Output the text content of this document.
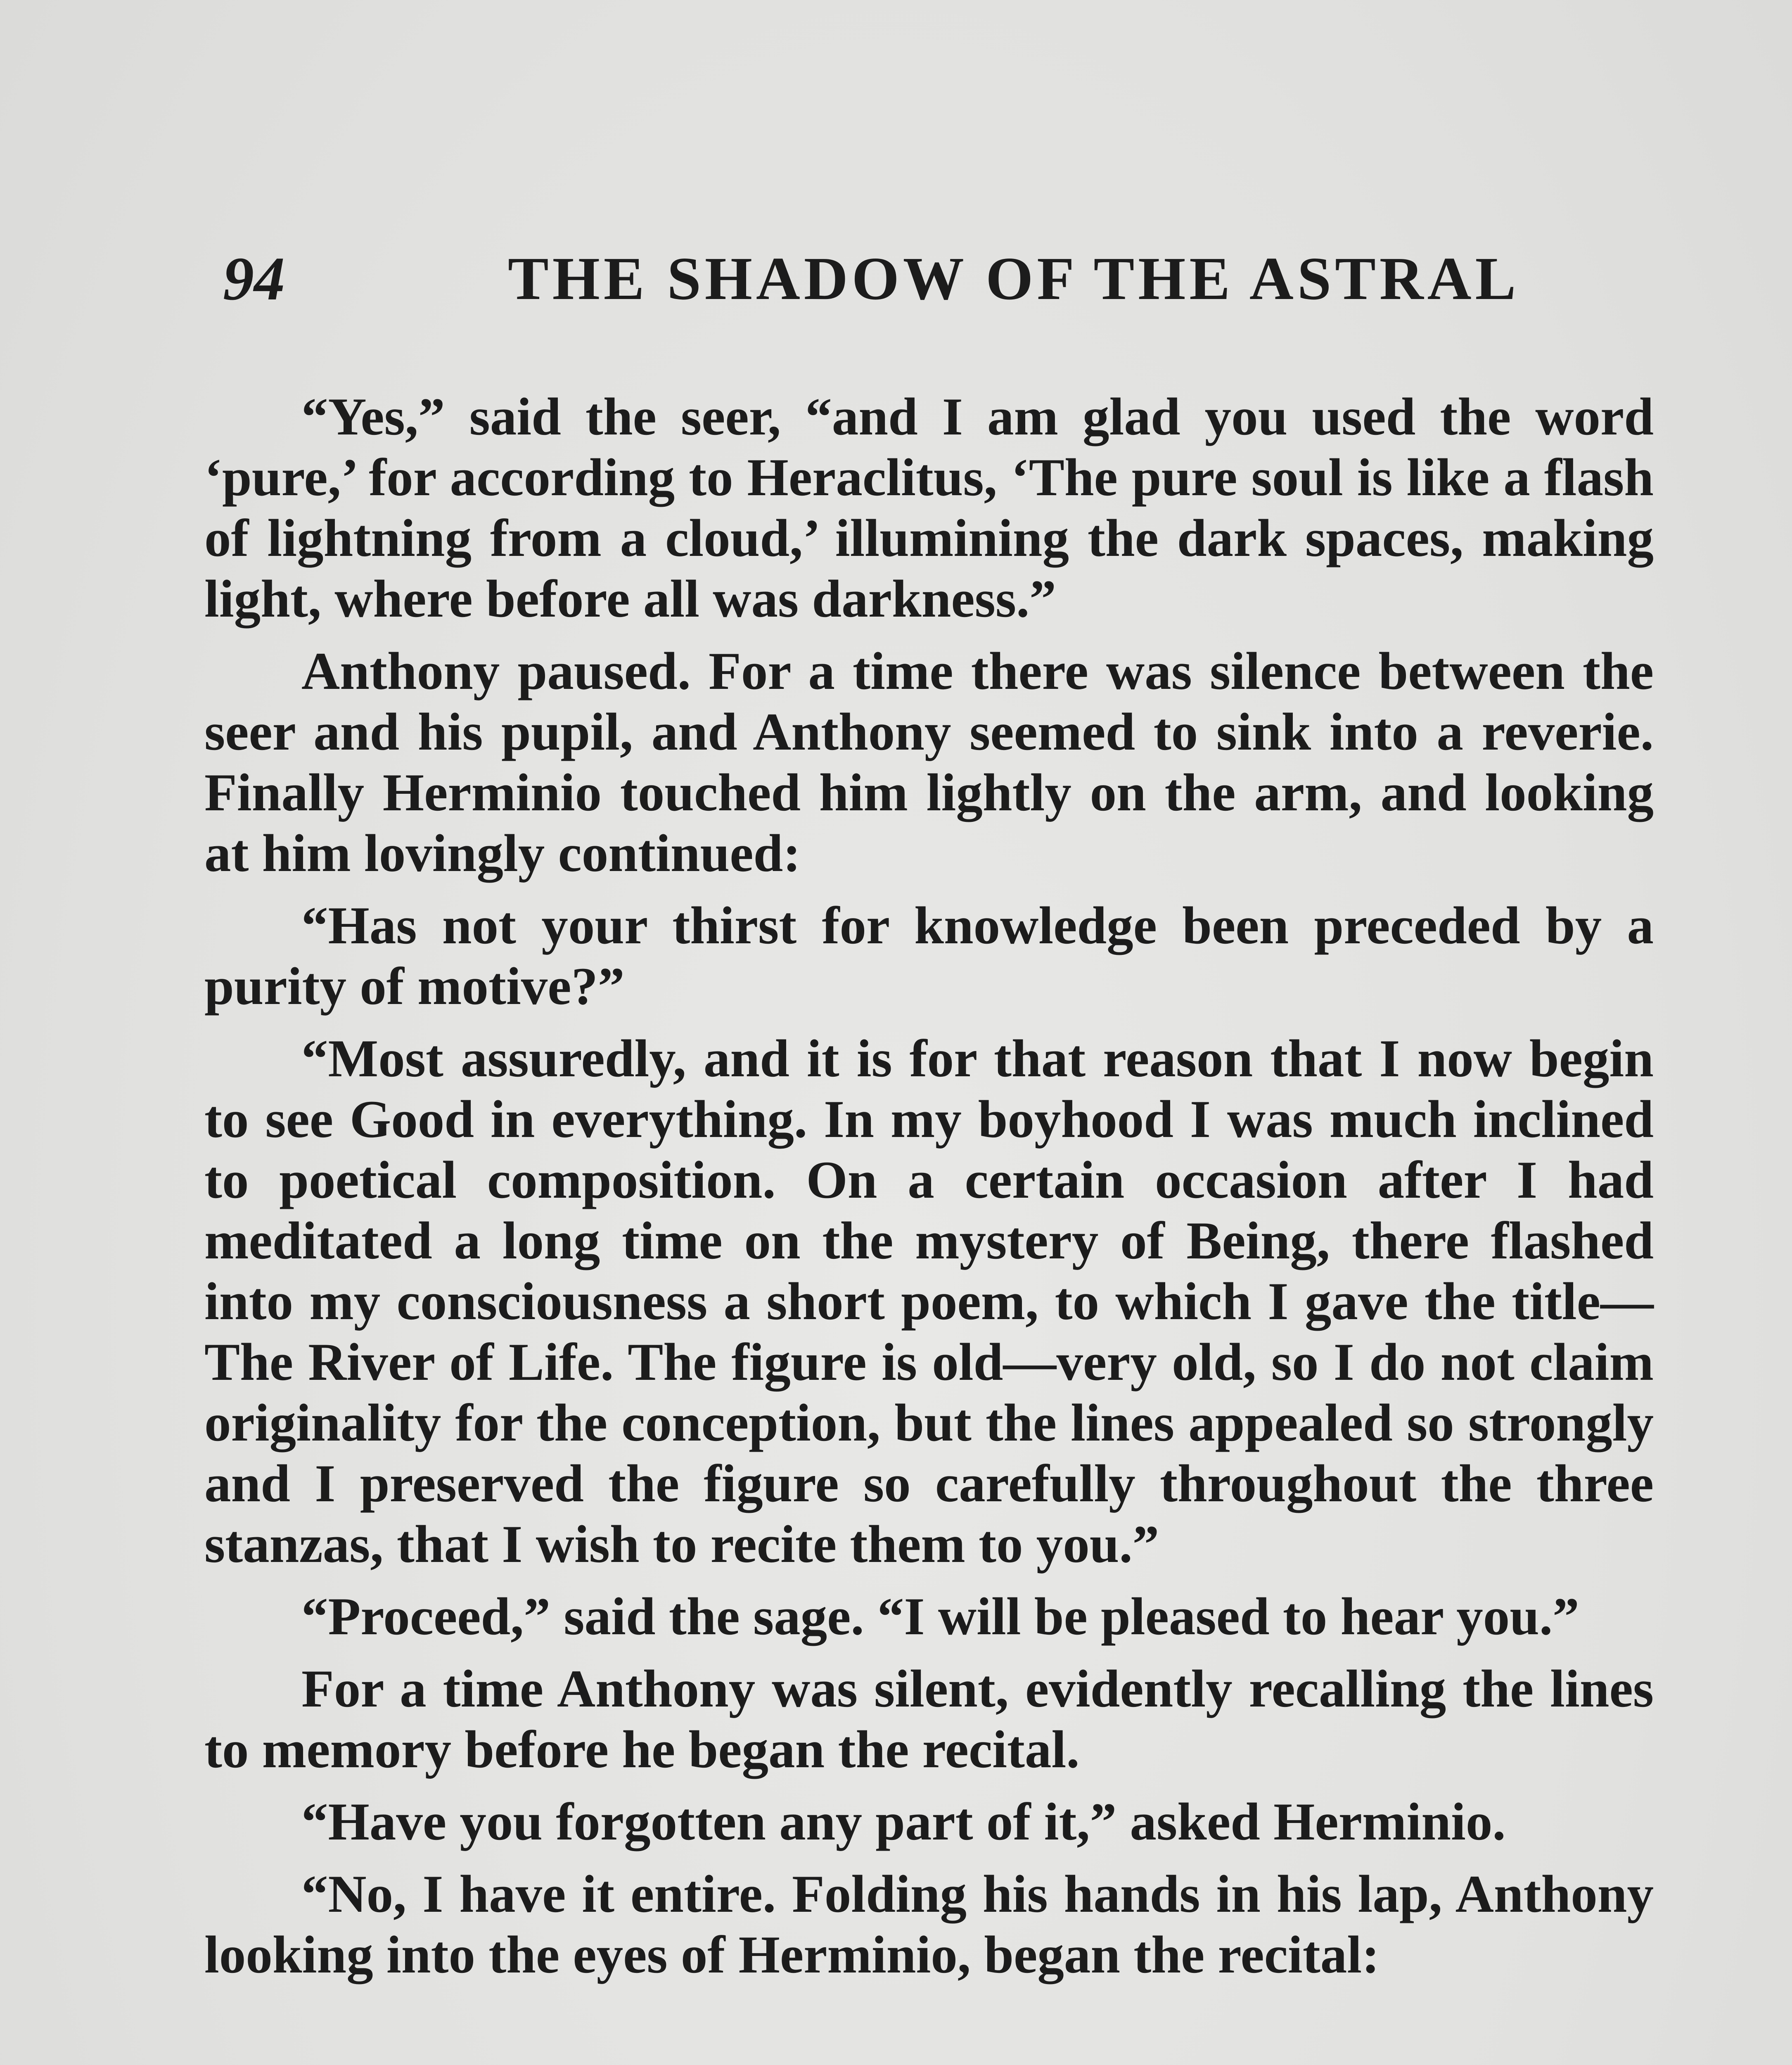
94	THE SHADOW OF THE ASTRAL

“Yes,” said the seer, “and I am glad you used the word ‘pure,’ for according to Heraclitus, ‘The pure soul is like a flash of lightning from a cloud,’ illumining the dark spaces, making light, where before all was darkness.”

Anthony paused. For a time there was silence between the seer and his pupil, and Anthony seemed to sink into a reverie. Finally Herminio touched him lightly on the arm, and looking at him lovingly continued:

“Has not your thirst for knowledge been preceded by a purity of motive?”

“Most assuredly, and it is for that reason that I now begin to see Good in everything. In my boyhood I was much inclined to poetical composition. On a certain occasion after I had meditated a long time on the mystery of Being, there flashed into my consciousness a short poem, to which I gave the title—The River of Life. The figure is old—very old, so I do not claim originality for the conception, but the lines appealed so strongly and I preserved the figure so carefully throughout the three stanzas, that I wish to recite them to you.”

“Proceed,” said the sage. “I will be pleased to hear you.”

For a time Anthony was silent, evidently recalling the lines to memory before he began the recital.

“Have you forgotten any part of it,” asked Herminio.

“No, I have it entire. Folding his hands in his lap, Anthony looking into the eyes of Herminio, began the recital:
